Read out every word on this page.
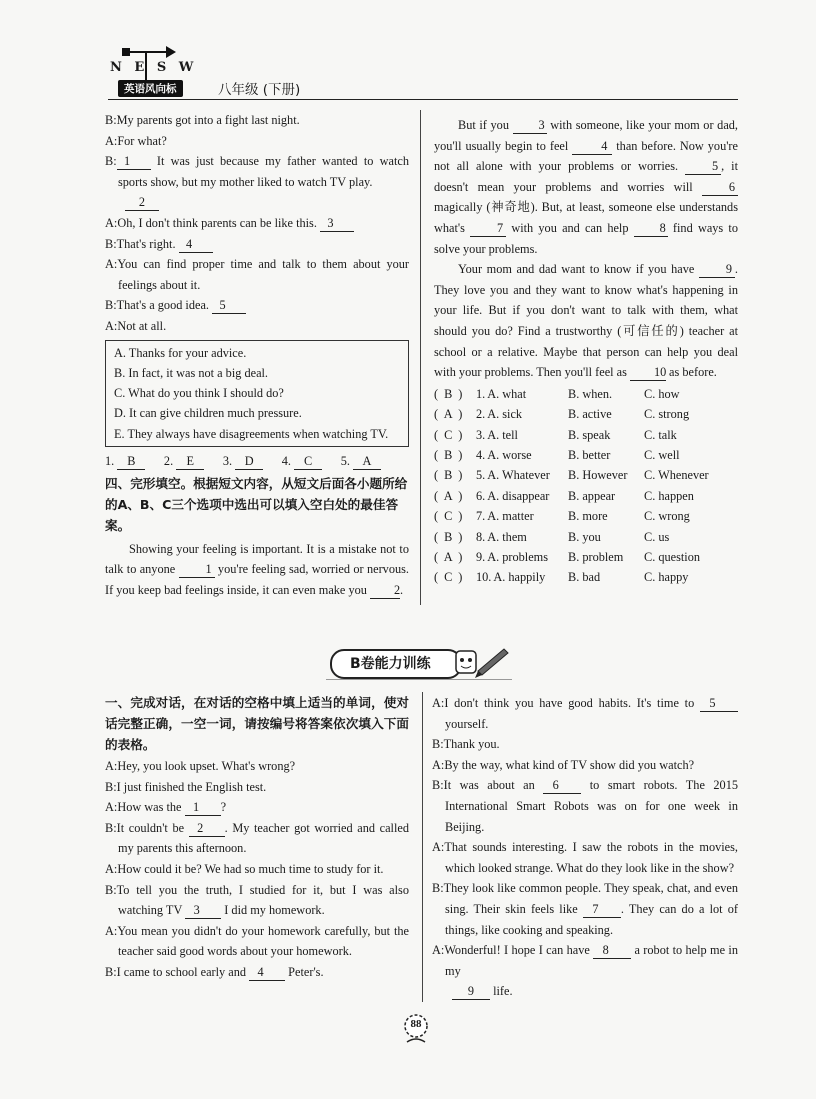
N E S W
英语风向标	八年级 (下册)

B:My parents got into a fight last night.

A:For what?

B: 1 It was just because my father wanted to watch sports show, but my mother liked to watch TV play.

2

A:Oh, I don't think parents can be like this. 3

B:That's right. 4

A:You can find proper time and talk to them about your feelings about it.

B:That's a good idea. 5

A:Not at all.

A. Thanks for your advice.

B. In fact, it was not a big deal.

C. What do you think I should do?

D. It can give children much pressure.

E. They always have disagreements when watching TV.

1. B	2. E	3. D	4. C	5. A

四、完形填空。根据短文内容，从短文后面各小题所给的A、B、C三个选项中选出可以填入空白处的最佳答案。

Showing your feeling is important. It is a mistake not to talk to anyone 1 you're feeling sad, worried or nervous. If you keep bad feelings inside, it can even make you 2.

But if you 3 with someone, like your mom or dad, you'll usually begin to feel 4 than before. Now you're not all alone with your problems or worries. 5 , it doesn't mean your problems and worries will 6 magically (神奇地). But, at least, someone else understands what's 7 with you and can help 8 find ways to solve your problems.

Your mom and dad want to know if you have 9 . They love you and they want to know what's happening in your life. But if you don't want to talk with them, what should you do? Find a trustworthy (可信任的) teacher at school or a relative. Maybe that person can help you deal with your problems. Then you'll feel as 10 as before.

( B )	1. A. what	B. when.	C. how
( A )	2. A. sick	B. active	C. strong
( C )	3. A. tell	B. speak	C. talk
( B )	4. A. worse	B. better	C. well
( B )	5. A. Whatever	B. However	C. Whenever
( A )	6. A. disappear	B. appear	C. happen
( C )	7. A. matter	B. more	C. wrong
( B )	8. A. them	B. you	C. us
( A )	9. A. problems	B. problem	C. question
( C )	10. A. happily	B. bad	C. happy
B卷能力训练

一、完成对话，在对话的空格中填上适当的单词，使对话完整正确，一空一词，请按编号将答案依次填入下面的表格。

A:Hey, you look upset. What's wrong?

B:I just finished the English test.

A:How was the 1 ?

B:It couldn't be 2 . My teacher got worried and called my parents this afternoon.

A:How could it be? We had so much time to study for it.

B:To tell you the truth, I studied for it, but I was also watching TV 3 I did my homework.

A:You mean you didn't do your homework carefully, but the teacher said good words about your homework.

B:I came to school early and 4 Peter's.

A:I don't think you have good habits. It's time to 5 yourself.

B:Thank you.

A:By the way, what kind of TV show did you watch?

B:It was about an 6 to smart robots. The 2015 International Smart Robots was on for one week in Beijing.

A:That sounds interesting. I saw the robots in the movies, which looked strange. What do they look like in the show?

B:They look like common people. They speak, chat, and even sing. Their skin feels like 7 . They can do a lot of things, like cooking and speaking.

A:Wonderful! I hope I can have 8 a robot to help me in my

9 life.

88
